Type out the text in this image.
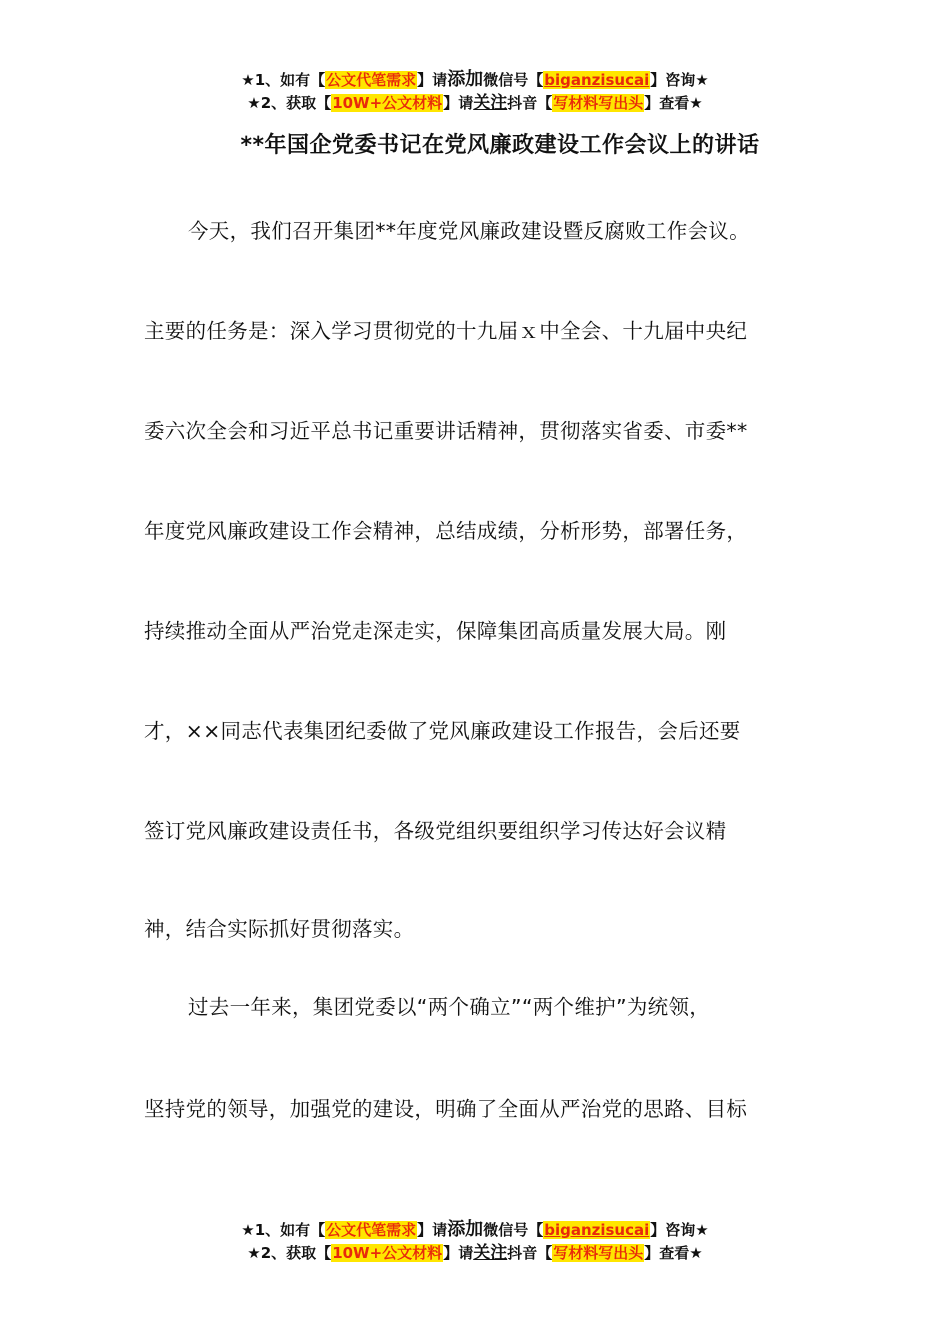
★1、如有【公文代笔需求】请添加微信号【biganzisucai】咨询★
★2、获取【10W+公文材料】请关注抖音【写材料写出头】查看★
**年国企党委书记在党风廉政建设工作会议上的讲话
今天，我们召开集团**年度党风廉政建设暨反腐败工作会议。
主要的任务是：深入学习贯彻党的十九届ｘ中全会、十九届中央纪
委六次全会和习近平总书记重要讲话精神，贯彻落实省委、市委**
年度党风廉政建设工作会精神，总结成绩，分析形势，部署任务，
持续推动全面从严治党走深走实，保障集团高质量发展大局。刚
才，××同志代表集团纪委做了党风廉政建设工作报告，会后还要
签订党风廉政建设责任书，各级党组织要组织学习传达好会议精
神，结合实际抓好贯彻落实。
过去一年来，集团党委以“两个确立”“两个维护”为统领，
坚持党的领导，加强党的建设，明确了全面从严治党的思路、目标
★1、如有【公文代笔需求】请添加微信号【biganzisucai】咨询★
★2、获取【10W+公文材料】请关注抖音【写材料写出头】查看★
